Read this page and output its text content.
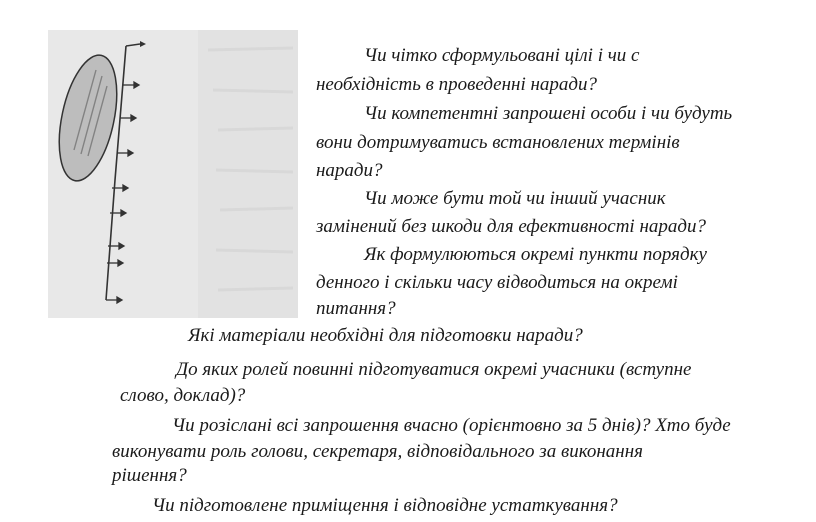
Чи чітко сформульовані цілі і чи с

необхідність в проведенні наради?

Чи компетентні запрошені особи і чи будуть

вони дотримуватись встановлених термінів

наради?

Чи може бути той чи інший учасник

замінений без шкоди для ефективності наради?

Як формулюються окремі пункти порядку

денного і скільки часу відводиться на окремі

питання?

Які матеріали необхідні для підготовки наради?

До яких ролей повинні підготуватися окремі учасники (вступне

слово, доклад)?

Чи розіслані всі запрошення вчасно (орієнтовно за 5 днів)? Хто буде

виконувати роль голови, секретаря, відповідального за виконання

рішення?

Чи підготовлене приміщення і відповідне устаткування?
